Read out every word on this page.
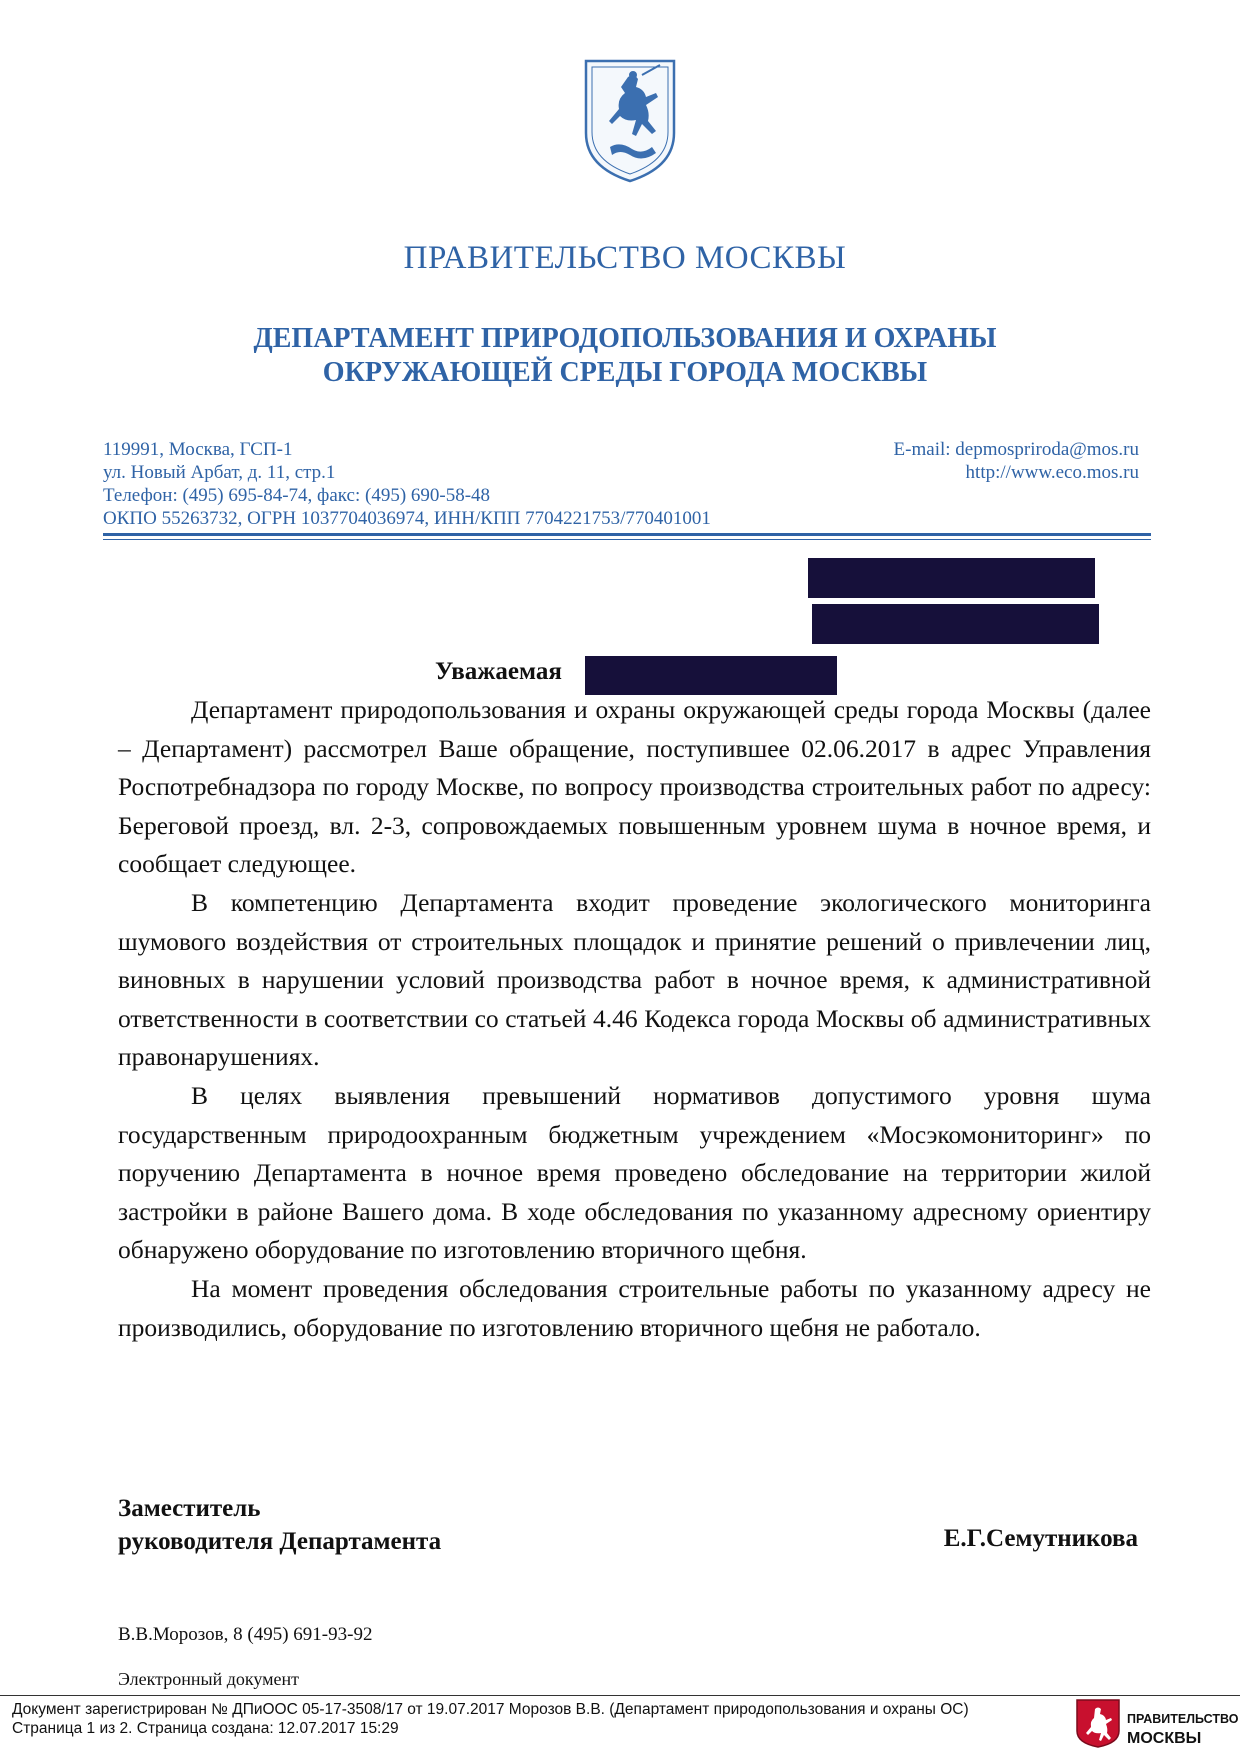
ПРАВИТЕЛЬСТВО МОСКВЫ
ДЕПАРТАМЕНТ ПРИРОДОПОЛЬЗОВАНИЯ И ОХРАНЫ
ОКРУЖАЮЩЕЙ СРЕДЫ ГОРОДА МОСКВЫ
119991, Москва, ГСП-1
ул. Новый Арбат, д. 11, стр.1
Телефон: (495) 695-84-74, факс: (495) 690-58-48
ОКПО 55263732, ОГРН 1037704036974, ИНН/КПП 7704221753/770401001
E-mail: depmospriroda@mos.ru
http://www.eco.mos.ru
Уважаемая

Департамент природопользования и охраны окружающей среды города Москвы (далее – Департамент) рассмотрел Ваше обращение, поступившее 02.06.2017 в адрес Управления Роспотребнадзора по городу Москве, по вопросу производства строительных работ по адресу: Береговой проезд, вл. 2-3, сопровождаемых повышенным уровнем шума в ночное время, и сообщает следующее.

В компетенцию Департамента входит проведение экологического мониторинга шумового воздействия от строительных площадок и принятие решений о привлечении лиц, виновных в нарушении условий производства работ в ночное время, к административной ответственности в соответствии со статьей 4.46 Кодекса города Москвы об административных правонарушениях.

В целях выявления превышений нормативов допустимого уровня шума государственным природоохранным бюджетным учреждением «Мосэкомониторинг» по поручению Департамента в ночное время проведено обследование на территории жилой застройки в районе Вашего дома. В ходе обследования по указанному адресному ориентиру обнаружено оборудование по изготовлению вторичного щебня.

На момент проведения обследования строительные работы по указанному адресу не производились, оборудование по изготовлению вторичного щебня не работало.

Заместитель
руководителя Департамента	Е.Г.Семутникова
В.В.Морозов, 8 (495) 691-93-92
Электронный документ
Документ зарегистрирован № ДПиООС 05-17-3508/17 от 19.07.2017 Морозов В.В. (Департамент природопользования и охраны ОС)
Страница 1 из 2. Страница создана: 12.07.2017 15:29
ПРАВИТЕЛЬСТВО
МОСКВЫ
